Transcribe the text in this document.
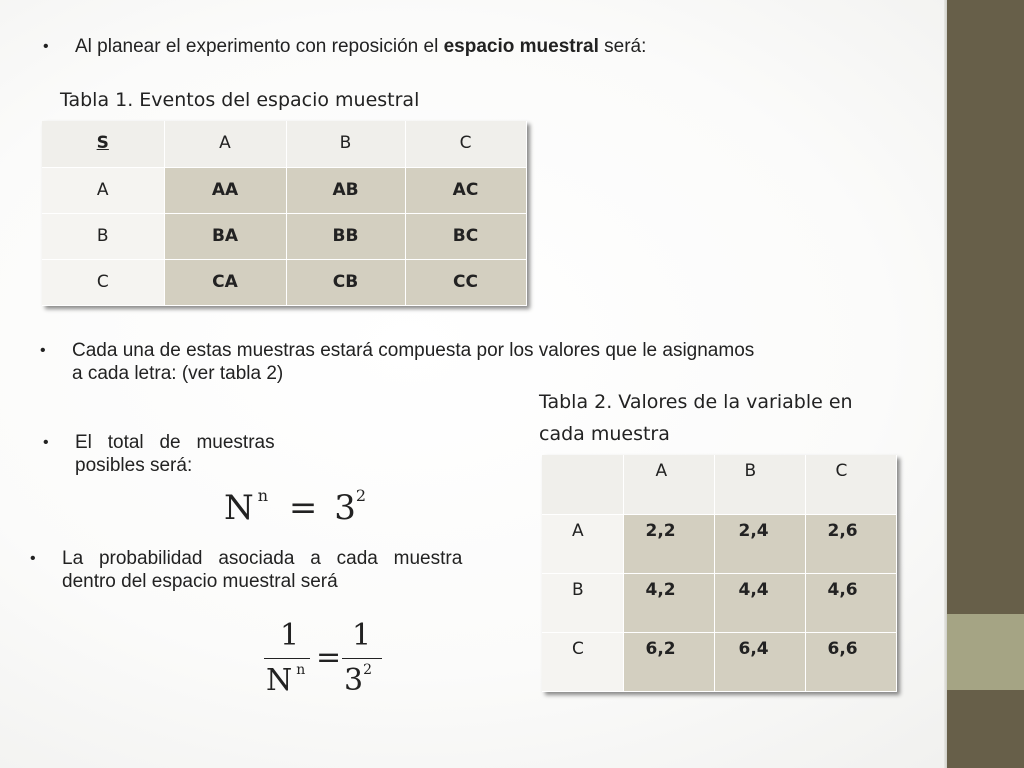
• Al planear el experimento con reposición el espacio muestral será:
Tabla 1. Eventos del espacio muestral
S	A	B	C
A	AA	AB	AC
B	BA	BB	BC
C	CA	CB	CC
• Cada una de estas muestras estará compuesta por los valores que le asignamos
a cada letra: (ver tabla 2)
Tabla 2. Valores de la variable en
cada muestra
• El   total   de   muestras
posibles será:
N $^n = 3^2$
• La   probabilidad   asociada   a   cada   muestra
dentro del espacio muestral será
1
N $^n$ =
1
$3^2$
	A	B	C
A	2,2	2,4	2,6
B	4,2	4,4	4,6
C	6,2	6,4	6,6
